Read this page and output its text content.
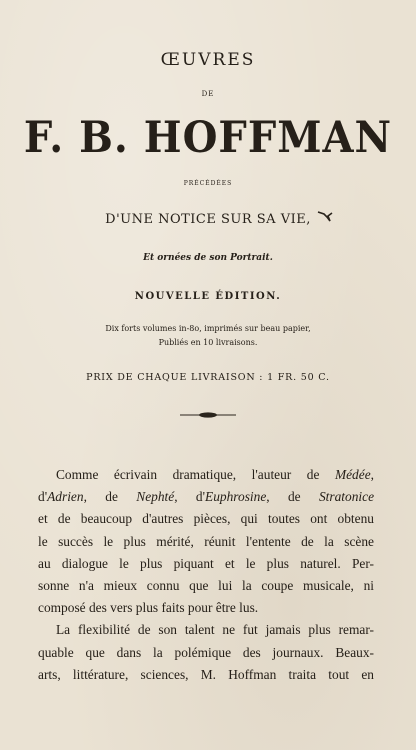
ŒUVRES
DE
F. B. HOFFMAN
PRÉCÉDÉES
D'UNE NOTICE SUR SA VIE,
Et ornées de son Portrait.
NOUVELLE ÉDITION.
Dix forts volumes in-8o, imprimés sur beau papier,
Publiés en 10 livraisons.
PRIX DE CHAQUE LIVRAISON : 1 FR. 50 C.
Comme écrivain dramatique, l'auteur de Médée,
d'Adrien, de Nephté, d'Euphrosine, de Stratonice
et de beaucoup d'autres pièces, qui toutes ont obtenu
le succès le plus mérité, réunit l'entente de la scène
au dialogue le plus piquant et le plus naturel. Per-
sonne n'a mieux connu que lui la coupe musicale, ni
composé des vers plus faits pour être lus.
La flexibilité de son talent ne fut jamais plus remar-
quable que dans la polémique des journaux. Beaux-
arts, littérature, sciences, M. Hoffman traita tout en
